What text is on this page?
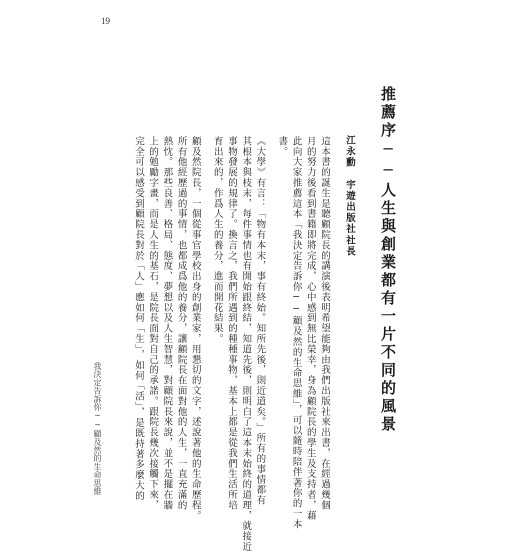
19
推薦序──人生與創業都有一片不同的風景
江永勳　宇遊出版社社長
這本書的誕生是聽顧院長的講演後表明希望能夠由我們出版社來出書，在經過幾個
月的努力後看到書籍即將完成，心中感到無比榮幸，身為顧院長的學生及支持者，藉
此向大家推薦這本「我決定告訴你──顧及然的生命思維」，可以隨時陪伴著你的一本
書。
《大學》有言：「物有本末，事有終始。知所先後，則近道矣。」所有的事情都有
其根本與枝末，每件事情也有開始跟終結，知道先後，則明白了這本末始終的道理，就接近
事物發展的規律了。換言之，我們所遇到的種種事物，基本上都是從我們生活所培
育出來的，作爲人生的養分，進而開花結果。
顧及然院長，一個從事官學校出身的創業家，用懇切的文字，述說著他的生命歷程。
所有他經歷過的事情，也都成爲他的養分，讓顧院長在面對他的人生，一直充滿的
熱忱。那些良善、格局、態度、夢想以及人生智慧，對顧院長來說，並不是擺在牆
上的勉勵字畫，而是人生的基石，是院長面對自己的承諾。跟院長幾次接觸下來，
完全可以感受到顧院長對於「人」應如何「生」，如何「活」，是既持著多麼大的
我決定告訴你──顧及然的生命思維
